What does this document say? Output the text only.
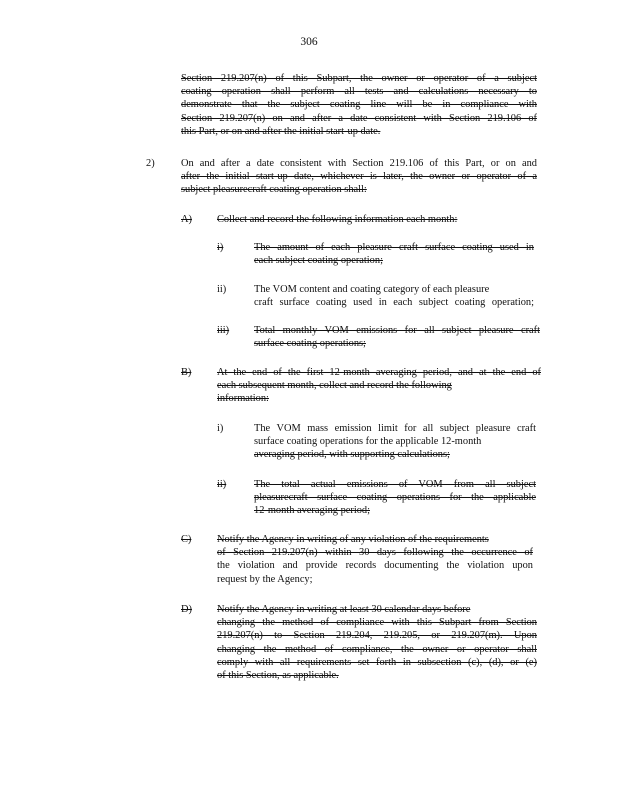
306
Section 219.207(n) of this Subpart, the owner or operator of a subject
coating operation shall perform all tests and calculations necessary to
demonstrate that the subject coating line will be in compliance with
Section 219.207(n) on and after a date consistent with Section 219.106 of
this Part, or on and after the initial start-up date.
2)	On and after a date consistent with Section 219.106 of this Part, or on and
after the initial start-up date, whichever is later, the owner or operator of a
subject pleasurecraft coating operation shall:
A) Collect and record the following information each month:
i)	The amount of each pleasure craft surface coating used in
each subject coating operation;
ii)	The VOM content and coating category of each pleasure
craft surface coating used in each subject coating operation;
iii) Total monthly VOM emissions for all subject pleasure craft
surface coating operations;
B) At the end of the first 12-month averaging period, and at the end of
each subsequent month, collect and record the following
information:
i)	The VOM mass emission limit for all subject pleasure craft
surface coating operations for the applicable 12-month
averaging period, with supporting calculations;
ii)	The total actual emissions of VOM from all subject
pleasurecraft surface coating operations for the applicable
12-month averaging period;
C) Notify the Agency in writing of any violation of the requirements
of Section 219.207(n) within 30 days following the occurrence of
the violation and provide records documenting the violation upon
request by the Agency;
D) Notify the Agency in writing at least 30 calendar days before
changing the method of compliance with this Subpart from Section
219.207(n) to Section 219.204, 219.205, or 219.207(m). Upon
changing the method of compliance, the owner or operator shall
comply with all requirements set forth in subsection (c), (d), or (e)
of this Section, as applicable.
